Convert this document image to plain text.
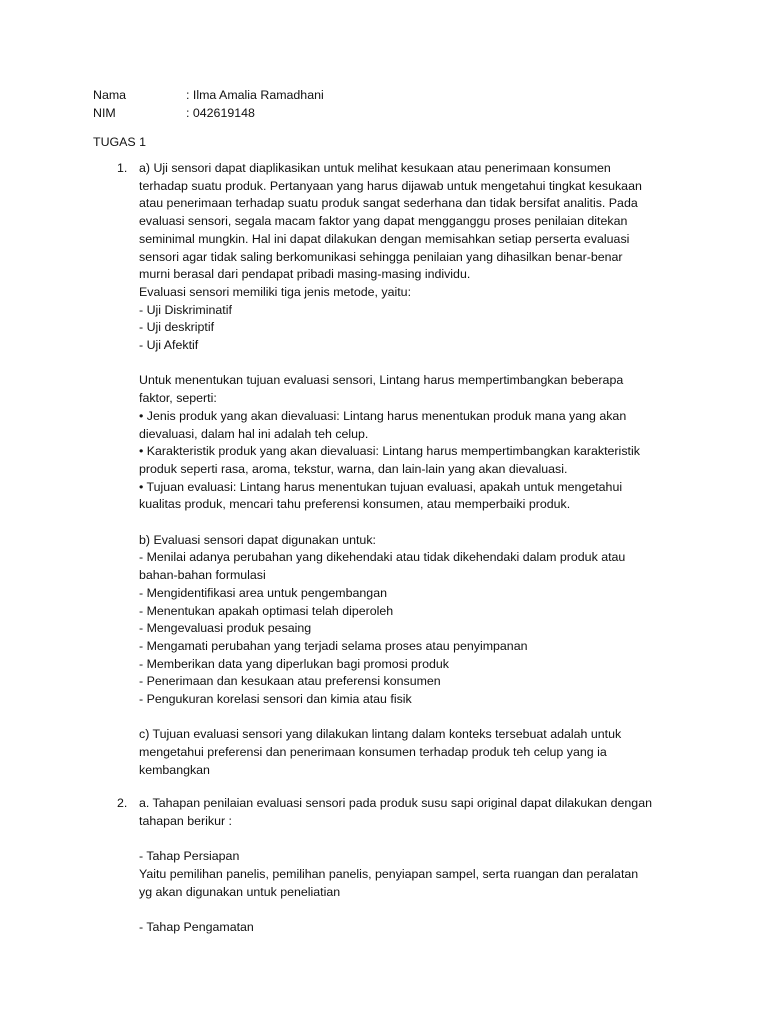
Nama	: Ilma Amalia Ramadhani
NIM	: 042619148
TUGAS 1
1. a) Uji sensori dapat diaplikasikan untuk melihat kesukaan atau penerimaan konsumen
terhadap suatu produk. Pertanyaan yang harus dijawab untuk mengetahui tingkat kesukaan
atau penerimaan terhadap suatu produk sangat sederhana dan tidak bersifat analitis. Pada
evaluasi sensori, segala macam faktor yang dapat mengganggu proses penilaian ditekan
seminimal mungkin. Hal ini dapat dilakukan dengan memisahkan setiap perserta evaluasi
sensori agar tidak saling berkomunikasi sehingga penilaian yang dihasilkan benar-benar
murni berasal dari pendapat pribadi masing-masing individu.
Evaluasi sensori memiliki tiga jenis metode, yaitu:
- Uji Diskriminatif
- Uji deskriptif
- Uji Afektif
Untuk menentukan tujuan evaluasi sensori, Lintang harus mempertimbangkan beberapa
faktor, seperti:
• Jenis produk yang akan dievaluasi: Lintang harus menentukan produk mana yang akan
dievaluasi, dalam hal ini adalah teh celup.
• Karakteristik produk yang akan dievaluasi: Lintang harus mempertimbangkan karakteristik
produk seperti rasa, aroma, tekstur, warna, dan lain-lain yang akan dievaluasi.
• Tujuan evaluasi: Lintang harus menentukan tujuan evaluasi, apakah untuk mengetahui
kualitas produk, mencari tahu preferensi konsumen, atau memperbaiki produk.
b) Evaluasi sensori dapat digunakan untuk:
- Menilai adanya perubahan yang dikehendaki atau tidak dikehendaki dalam produk atau
bahan-bahan formulasi
- Mengidentifikasi area untuk pengembangan
- Menentukan apakah optimasi telah diperoleh
- Mengevaluasi produk pesaing
- Mengamati perubahan yang terjadi selama proses atau penyimpanan
- Memberikan data yang diperlukan bagi promosi produk
- Penerimaan dan kesukaan atau preferensi konsumen
- Pengukuran korelasi sensori dan kimia atau fisik
c) Tujuan evaluasi sensori yang dilakukan lintang dalam konteks tersebuat adalah untuk
mengetahui preferensi dan penerimaan konsumen terhadap produk teh celup yang ia
kembangkan
2. a. Tahapan penilaian evaluasi sensori pada produk susu sapi original dapat dilakukan dengan
tahapan berikur :
- Tahap Persiapan
Yaitu pemilihan panelis, pemilihan panelis, penyiapan sampel, serta ruangan dan peralatan
yg akan digunakan untuk peneliatian
- Tahap Pengamatan
